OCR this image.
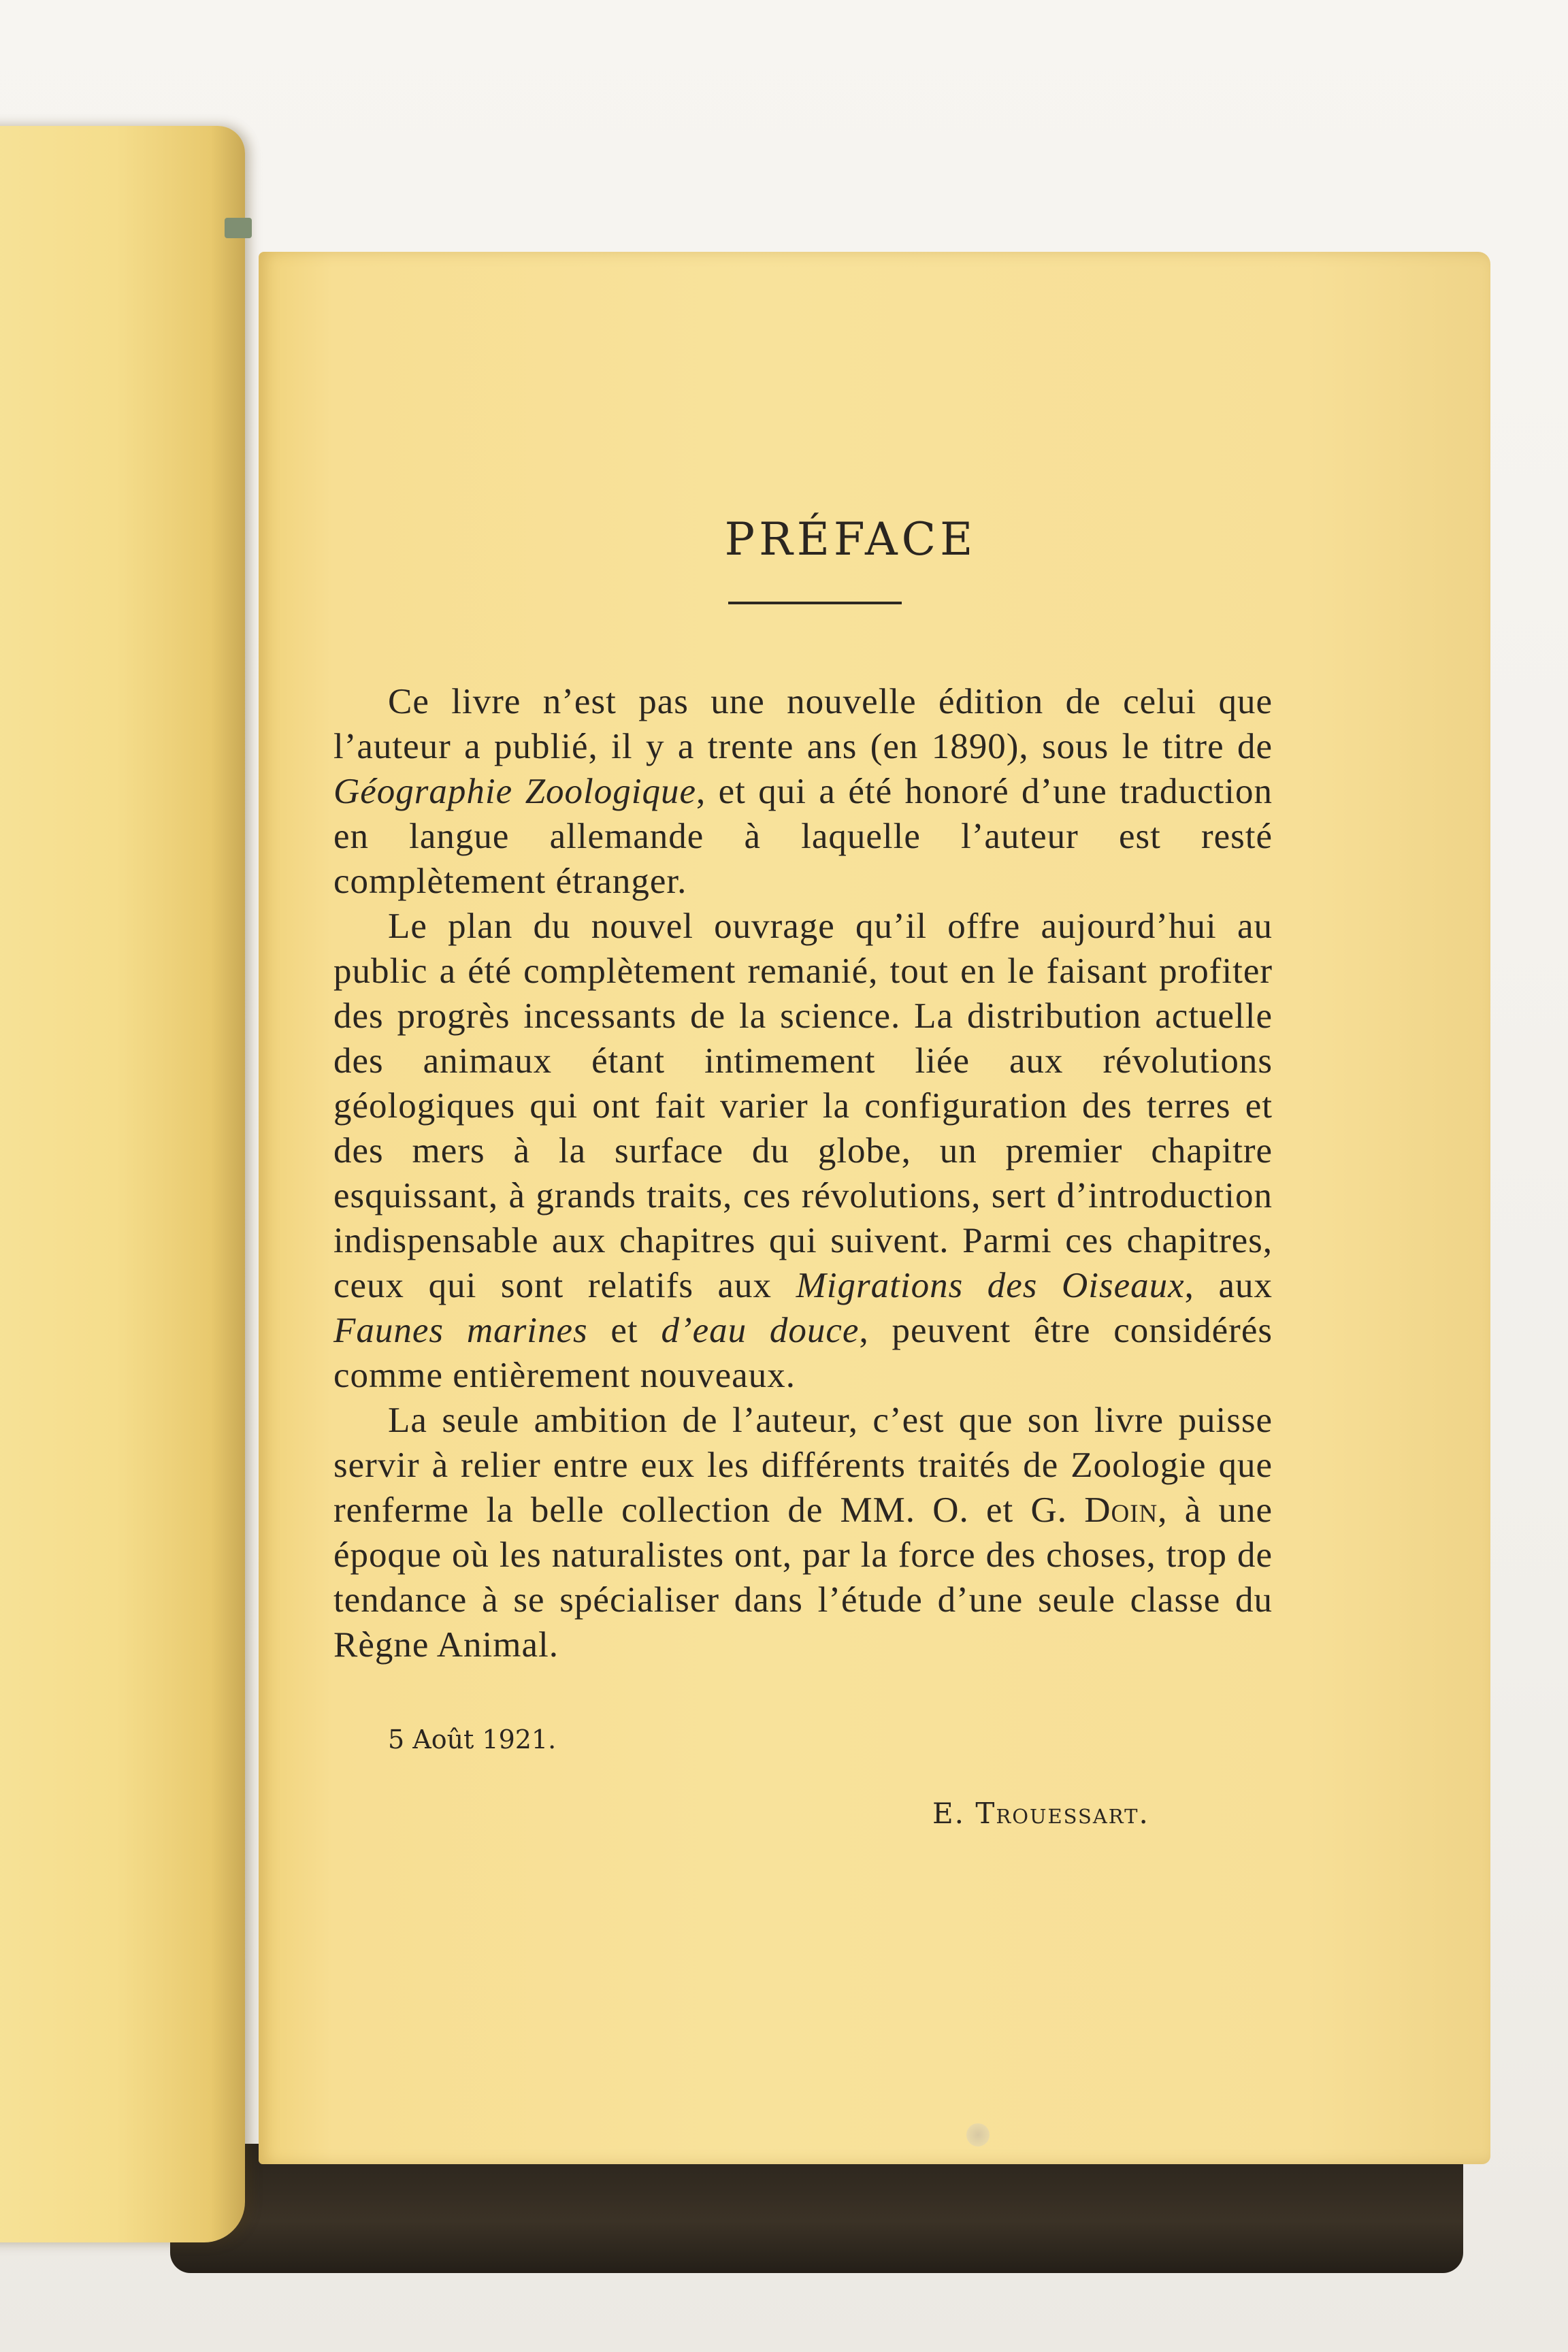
PRÉFACE

Ce livre n’est pas une nouvelle édition de celui que l’auteur a publié, il y a trente ans (en 1890), sous le titre de Géographie Zoologique, et qui a été honoré d’une traduction en langue allemande à laquelle l’auteur est resté complètement étranger.

Le plan du nouvel ouvrage qu’il offre aujourd’hui au public a été complètement remanié, tout en le faisant profiter des progrès incessants de la science. La distribution actuelle des animaux étant intimement liée aux révolutions géologiques qui ont fait varier la configuration des terres et des mers à la surface du globe, un premier chapitre esquissant, à grands traits, ces révolutions, sert d’introduction indispensable aux chapitres qui suivent. Parmi ces chapitres, ceux qui sont relatifs aux Migrations des Oiseaux, aux Faunes marines et d’eau douce, peuvent être considérés comme entièrement nouveaux.

La seule ambition de l’auteur, c’est que son livre puisse servir à relier entre eux les différents traités de Zoologie que renferme la belle collection de MM. O. et G. Doin, à une époque où les naturalistes ont, par la force des choses, trop de tendance à se spécialiser dans l’étude d’une seule classe du Règne Animal.

5 Août 1921.
E. Trouessart.
